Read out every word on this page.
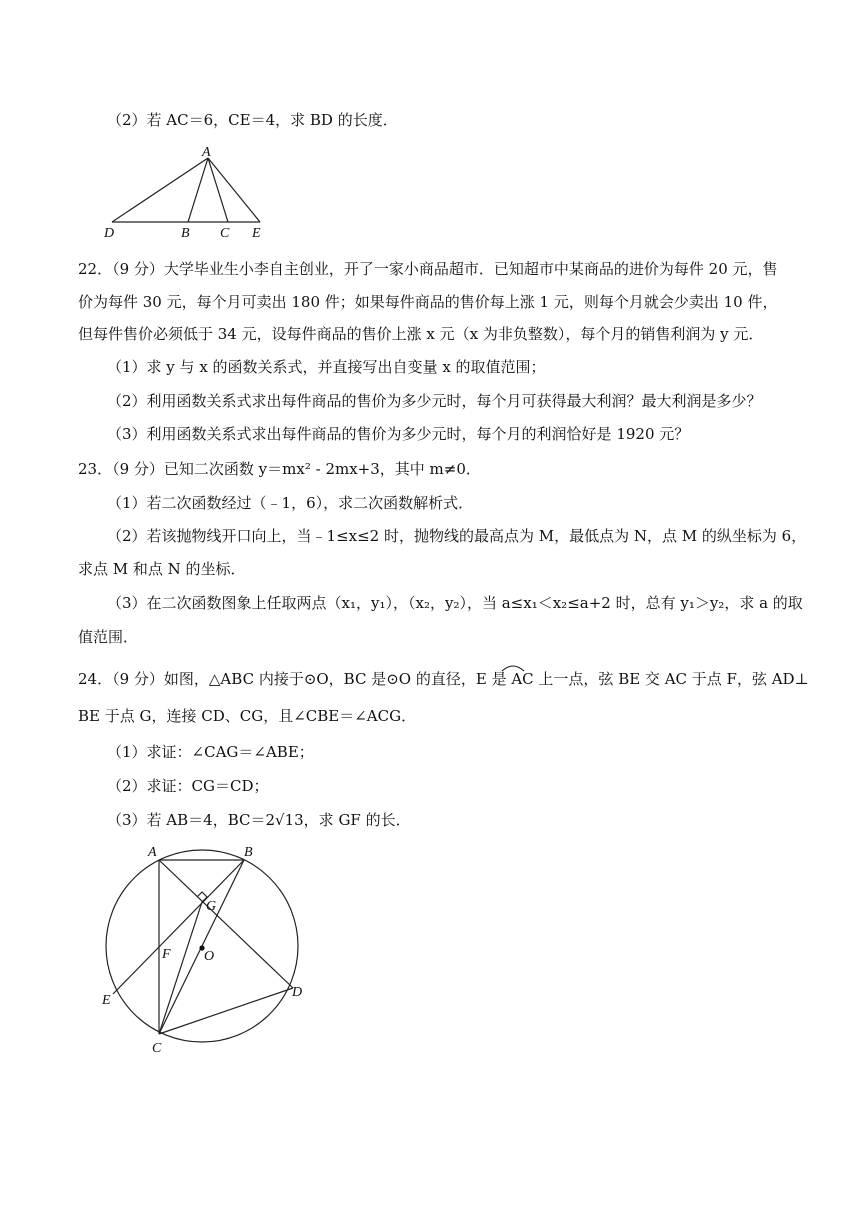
（2）若 AC＝6，CE＝4，求 BD 的长度．
A
D	B C E
22．（9 分）大学毕业生小李自主创业，开了一家小商品超市．已知超市中某商品的进价为每件 20 元，售
价为每件 30 元，每个月可卖出 180 件；如果每件商品的售价每上涨 1 元，则每个月就会少卖出 10 件，
但每件售价必须低于 34 元，设每件商品的售价上涨 x 元（x 为非负整数），每个月的销售利润为 y 元．
（1）求 y 与 x 的函数关系式，并直接写出自变量 x 的取值范围；
（2）利用函数关系式求出每件商品的售价为多少元时，每个月可获得最大利润？最大利润是多少？
（3）利用函数关系式求出每件商品的售价为多少元时，每个月的利润恰好是 1920 元？
23．（9 分）已知二次函数 y＝mx² - 2mx+3，其中 m≠0．
（1）若二次函数经过（﹣1，6），求二次函数解析式．
（2）若该抛物线开口向上，当﹣1≤x≤2 时，抛物线的最高点为 M，最低点为 N，点 M 的纵坐标为 6，
求点 M 和点 N 的坐标．
（3）在二次函数图象上任取两点（x₁，y₁），（x₂，y₂），当 a≤x₁＜x₂≤a+2 时，总有 y₁＞y₂，求 a 的取
值范围．
24．（9 分）如图，△ABC 内接于⊙O，BC 是⊙O 的直径，E 是 AC 上一点，弦 BE 交 AC 于点 F，弦 AD⊥
BE 于点 G，连接 CD、CG，且∠CBE＝∠ACG．
（1）求证：∠CAG＝∠ABE；
（2）求证：CG＝CD；
（3）若 AB＝4，BC＝2√13，求 GF 的长．
A	B
G
F O
E
D
C
